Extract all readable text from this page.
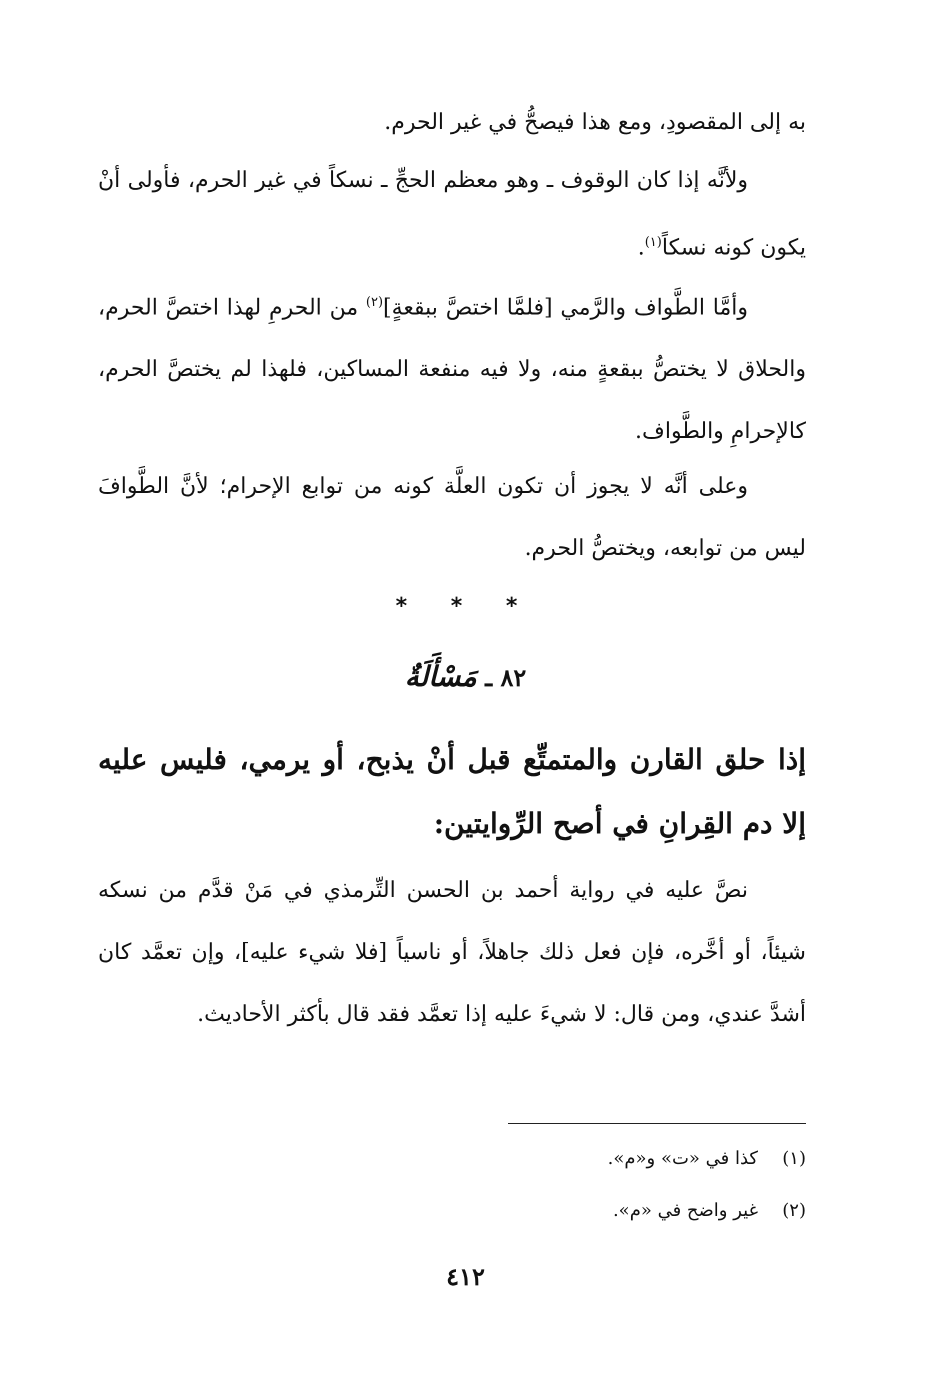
به إلى المقصودِ، ومع هذا فيصحُّ في غير الحرم.

ولأنَّه إذا كان الوقوف ـ وهو معظم الحجِّ ـ نسكاً في غير الحرم، فأولى أنْ يكون كونه نسكاً$^{(١)}$.

وأمَّا الطَّواف والرَّمي [فلمَّا اختصَّ ببقعةٍ]$^{(٢)}$ من الحرمِ لهذا اختصَّ الحرم، والحلاق لا يختصُّ ببقعةٍ منه، ولا فيه منفعة المساكين، فلهذا لم يختصَّ الحرم، كالإحرامِ والطَّواف.

وعلى أنَّه لا يجوز أن تكون العلَّة كونه من توابع الإحرام؛ لأنَّ الطَّوافَ ليس من توابعه، ويختصُّ الحرم.

* * *
٨٢ ـ مَسْأَلَةٌ

إذا حلق القارن والمتمتِّع قبل أنْ يذبح، أو يرمي، فليس عليه إلا دم القِرانِ في أصح الرِّوايتين:

نصَّ عليه في رواية أحمد بن الحسن التِّرمذي في مَنْ قدَّم من نسكه شيئاً، أو أخَّره، فإن فعل ذلك جاهلاً، أو ناسياً [فلا شيء عليه]، وإن تعمَّد كان أشدَّ عندي، ومن قال: لا شيءَ عليه إذا تعمَّد فقد قال بأكثر الأحاديث.

(١)كذا في «ت» و«م».

(٢)غير واضح في «م».

٤١٢
